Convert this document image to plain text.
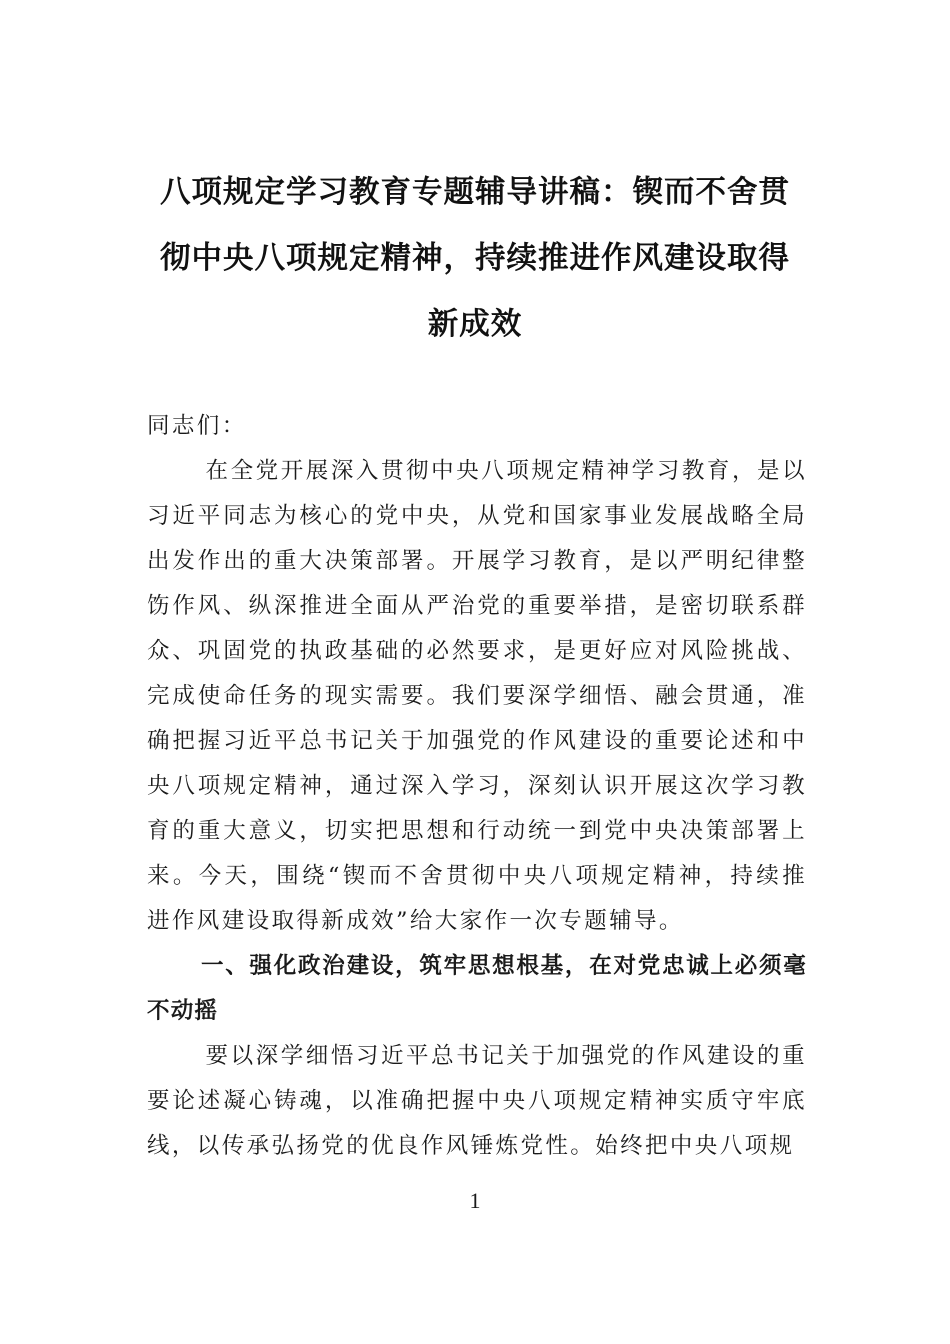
八项规定学习教育专题辅导讲稿：锲而不舍贯彻中央八项规定精神，持续推进作风建设取得新成效

同志们：

在全党开展深入贯彻中央八项规定精神学习教育，是以习近平同志为核心的党中央，从党和国家事业发展战略全局出发作出的重大决策部署。开展学习教育，是以严明纪律整饬作风、纵深推进全面从严治党的重要举措，是密切联系群众、巩固党的执政基础的必然要求，是更好应对风险挑战、完成使命任务的现实需要。我们要深学细悟、融会贯通，准确把握习近平总书记关于加强党的作风建设的重要论述和中央八项规定精神，通过深入学习，深刻认识开展这次学习教育的重大意义，切实把思想和行动统一到党中央决策部署上来。今天，围绕“锲而不舍贯彻中央八项规定精神，持续推进作风建设取得新成效”给大家作一次专题辅导。

一、强化政治建设，筑牢思想根基，在对党忠诚上必须毫不动摇

要以深学细悟习近平总书记关于加强党的作风建设的重要论述凝心铸魂，以准确把握中央八项规定精神实质守牢底线，以传承弘扬党的优良作风锤炼党性。始终把中央八项规

1
